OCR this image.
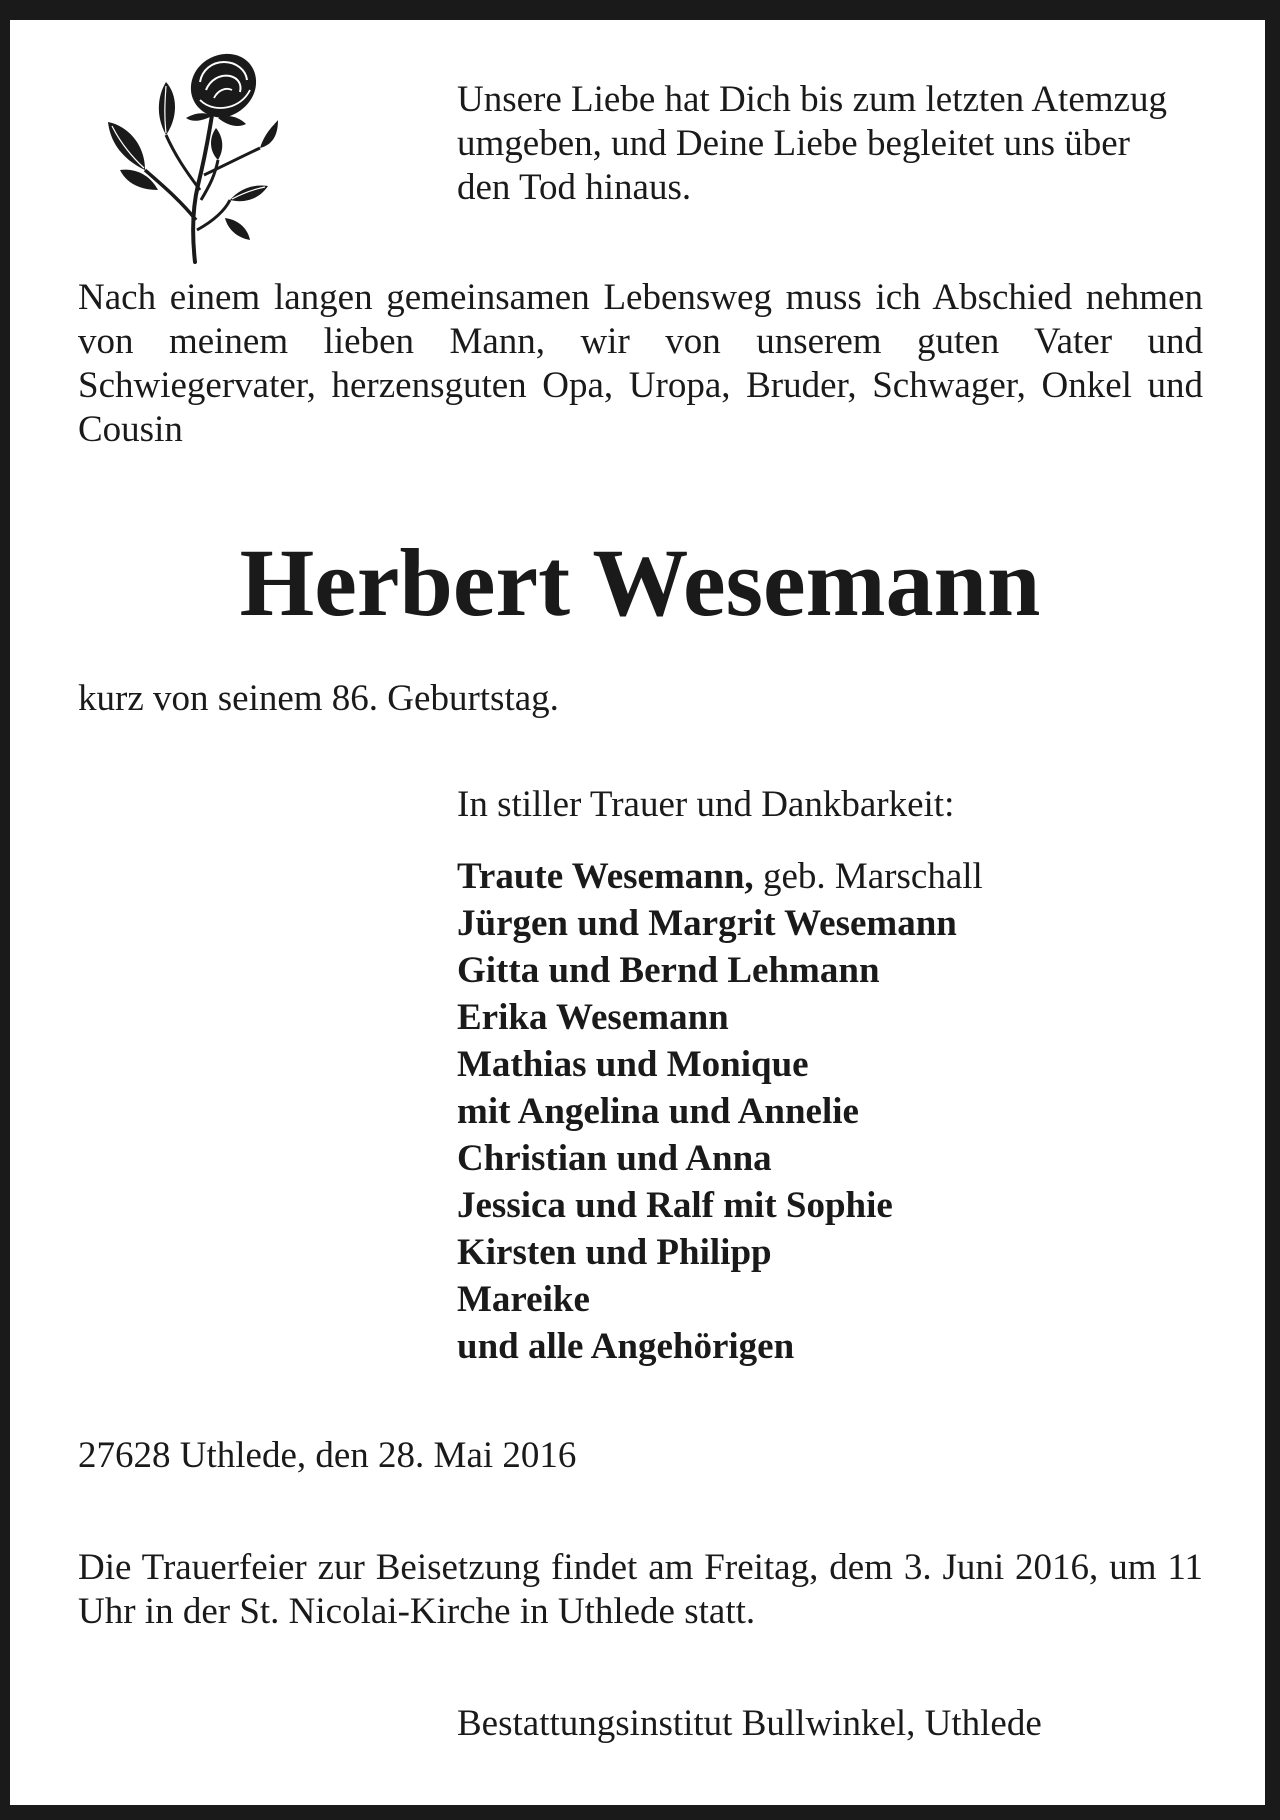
Unsere Liebe hat Dich bis zum letzten Atemzug umgeben, und Deine Liebe begleitet uns über den Tod hinaus.

Nach einem langen gemeinsamen Lebensweg muss ich Abschied nehmen von meinem lieben Mann, wir von unserem guten Vater und Schwiegervater, herzensguten Opa, Uropa, Bruder, Schwager, Onkel und Cousin

Herbert Wesemann

kurz von seinem 86. Geburtstag.

In stiller Trauer und Dankbarkeit:

Traute Wesemann, geb. Marschall
Jürgen und Margrit Wesemann
Gitta und Bernd Lehmann
Erika Wesemann
Mathias und Monique
mit Angelina und Annelie
Christian und Anna
Jessica und Ralf mit Sophie
Kirsten und Philipp
Mareike
und alle Angehörigen

27628 Uthlede, den 28. Mai 2016

Die Trauerfeier zur Beisetzung findet am Freitag, dem 3. Juni 2016, um 11 Uhr in der St. Nicolai-Kirche in Uthlede statt.

Bestattungsinstitut Bullwinkel, Uthlede
